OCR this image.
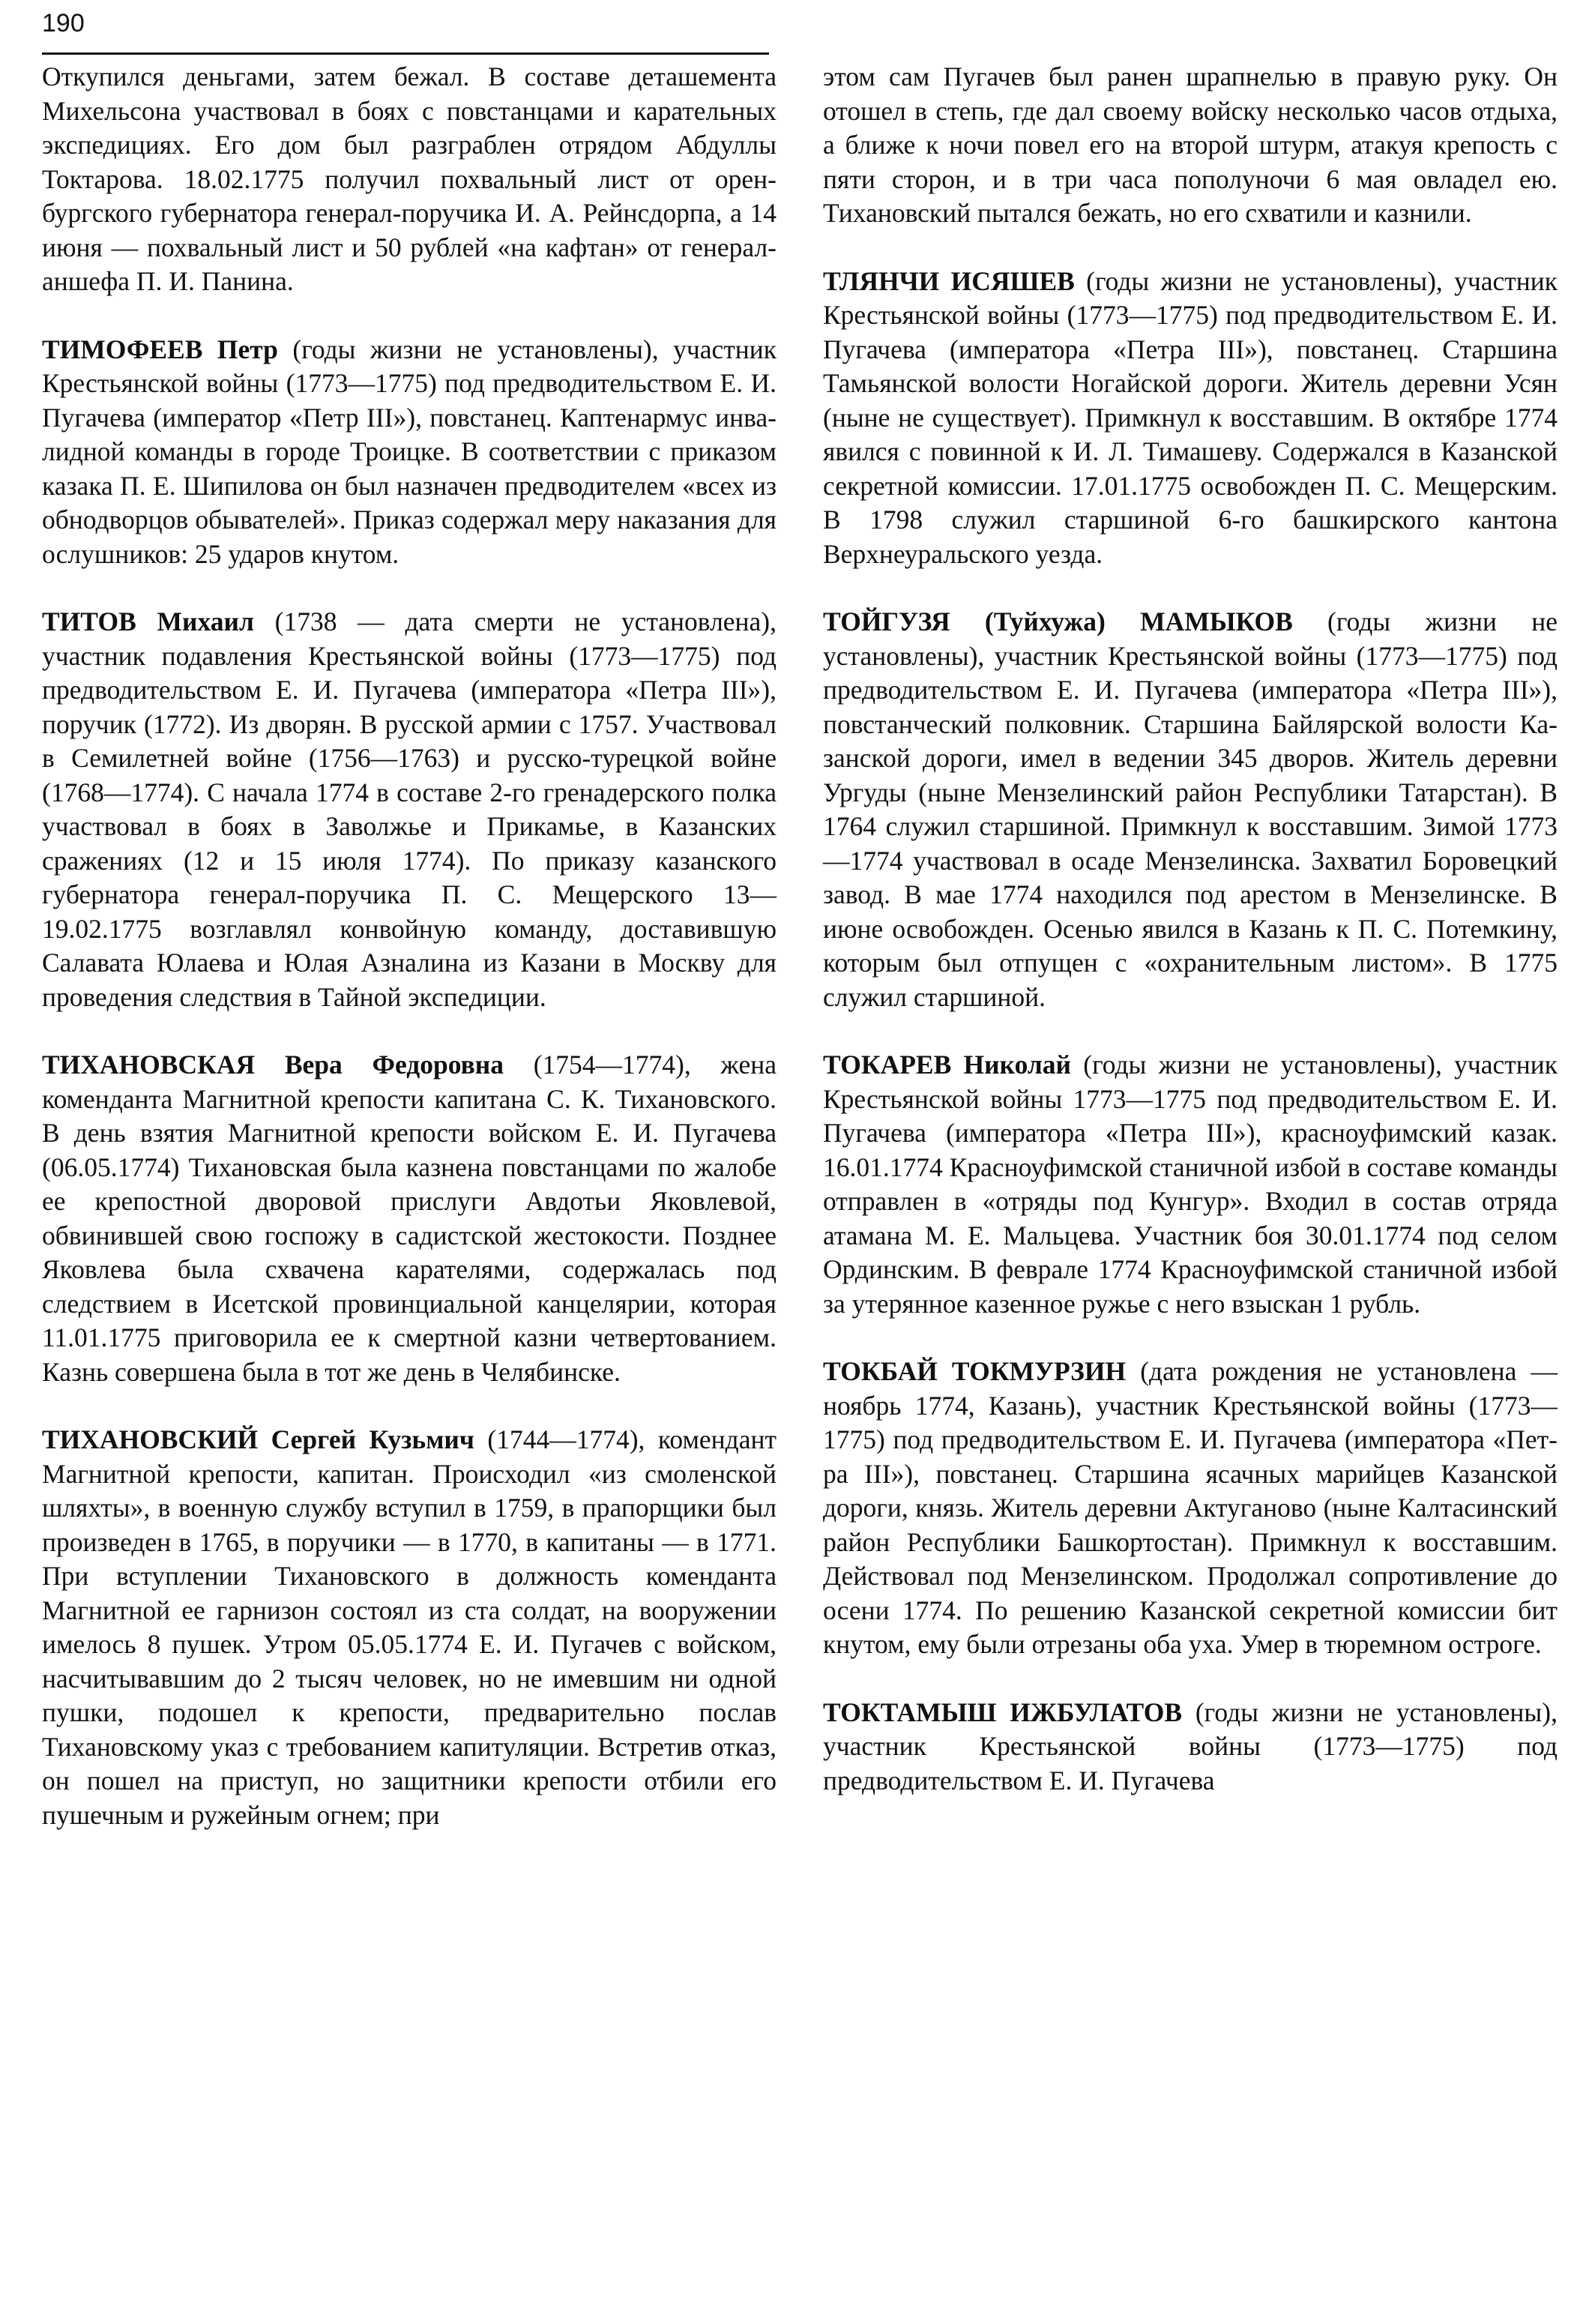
190

Откупился деньгами, затем бежал. В составе деташемента Михельсона участвовал в боях с повстанцами и карательных экспедициях. Его дом был разграблен отрядом Абдуллы Токтарова. 18.02.1775 получил похвальный лист от оренбургского губернатора генерал-поручика И. А. Рейнсдорпа, а 14 июня — похвальный лист и 50 рублей «на кафтан» от генерал-аншефа П. И. Панина.

ТИМОФЕЕВ Петр (годы жизни не установлены), участник Крестьянской войны (1773—1775) под предводительством Е. И. Пугачева (император «Петр III»), повстанец. Каптенармус инвалидной команды в городе Троицке. В соответствии с приказом казака П. Е. Шипилова он был назначен предводителем «всех из обнодворцов обывателей». Приказ содержал меру наказания для ослушников: 25 ударов кнутом.

ТИТОВ Михаил (1738 — дата смерти не установлена), участник подавления Крестьянской войны (1773—1775) под предводительством Е. И. Пугачева (императора «Петра III»), поручик (1772). Из дворян. В русской армии с 1757. Участвовал в Семилетней войне (1756—1763) и русско-турецкой войне (1768—1774). С начала 1774 в составе 2-го гренадерского полка участвовал в боях в Заволжье и Прикамье, в Казанских сражениях (12 и 15 июля 1774). По приказу казанского губернатора генерал-поручика П. С. Мещерского 13—19.02.1775 возглавлял конвойную команду, доставившую Салавата Юлаева и Юлая Азналина из Казани в Москву для проведения следствия в Тайной экспедиции.

ТИХАНОВСКАЯ Вера Федоровна (1754—1774), жена коменданта Магнитной крепости капитана С. К. Тихановского. В день взятия Магнитной крепости войском Е. И. Пугачева (06.05.1774) Тихановская была казнена повстанцами по жалобе ее крепостной дворовой прислуги Авдотьи Яковлевой, обвинившей свою госпожу в садистской жестокости. Позднее Яковлева была схвачена карателями, содержалась под следствием в Исетской провинциальной канцелярии, которая 11.01.1775 приговорила ее к смертной казни четвертованием. Казнь совершена была в тот же день в Челябинске.

ТИХАНОВСКИЙ Сергей Кузьмич (1744—1774), комендант Магнитной крепости, капитан. Происходил «из смоленской шляхты», в военную службу вступил в 1759, в прапорщики был произведен в 1765, в поручики — в 1770, в капитаны — в 1771. При вступлении Тихановского в должность коменданта Магнитной ее гарнизон состоял из ста солдат, на вооружении имелось 8 пушек. Утром 05.05.1774 Е. И. Пугачев с войском, насчитывавшим до 2 тысяч человек, но не имевшим ни одной пушки, подошел к крепости, предварительно послав Тихановскому указ с требованием капитуляции. Встретив отказ, он пошел на приступ, но защитники крепости отбили его пушечным и ружейным огнем; при

этом сам Пугачев был ранен шрапнелью в правую руку. Он отошел в степь, где дал своему войску несколько часов отдыха, а ближе к ночи повел его на второй штурм, атакуя крепость с пяти сторон, и в три часа пополуночи 6 мая овладел ею. Тихановский пытался бежать, но его схватили и казнили.

ТЛЯНЧИ ИСЯШЕВ (годы жизни не установлены), участник Крестьянской войны (1773—1775) под предводительством Е. И. Пугачева (императора «Петра III»), повстанец. Старшина Тамьянской волости Ногайской дороги. Житель деревни Усян (ныне не существует). Примкнул к восставшим. В октябре 1774 явился с повинной к И. Л. Тимашеву. Содержался в Казанской секретной комиссии. 17.01.1775 освобожден П. С. Мещерским. В 1798 служил старшиной 6-го башкирского кантона Верхнеуральского уезда.

ТОЙГУЗЯ (Туйхужа) МАМЫКОВ (годы жизни не установлены), участник Крестьянской войны (1773—1775) под предводительством Е. И. Пугачева (императора «Петра III»), повстанческий полковник. Старшина Байлярской волости Казанской дороги, имел в ведении 345 дворов. Житель деревни Ургуды (ныне Мензелинский район Республики Татарстан). В 1764 служил старшиной. Примкнул к восставшим. Зимой 1773—1774 участвовал в осаде Мензелинска. Захватил Боровецкий завод. В мае 1774 находился под арестом в Мензелинске. В июне освобожден. Осенью явился в Казань к П. С. Потемкину, которым был отпущен с «охранительным листом». В 1775 служил старшиной.

ТОКАРЕВ Николай (годы жизни не установлены), участник Крестьянской войны 1773—1775 под предводительством Е. И. Пугачева (императора «Петра III»), красноуфимский казак. 16.01.1774 Красноуфимской станичной избой в составе команды отправлен в «отряды под Кунгур». Входил в состав отряда атамана М. Е. Мальцева. Участник боя 30.01.1774 под селом Ординским. В феврале 1774 Красноуфимской станичной избой за утерянное казенное ружье с него взыскан 1 рубль.

ТОКБАЙ ТОКМУРЗИН (дата рождения не установлена — ноябрь 1774, Казань), участник Крестьянской войны (1773—1775) под предводительством Е. И. Пугачева (императора «Петра III»), повстанец. Старшина ясачных марийцев Казанской дороги, князь. Житель деревни Актуганово (ныне Калтасинский район Республики Башкортостан). Примкнул к восставшим. Действовал под Мензелинском. Продолжал сопротивление до осени 1774. По решению Казанской секретной комиссии бит кнутом, ему были отрезаны оба уха. Умер в тюремном остроге.

ТОКТАМЫШ ИЖБУЛАТОВ (годы жизни не установлены), участник Крестьянской войны (1773—1775) под предводительством Е. И. Пугачева
